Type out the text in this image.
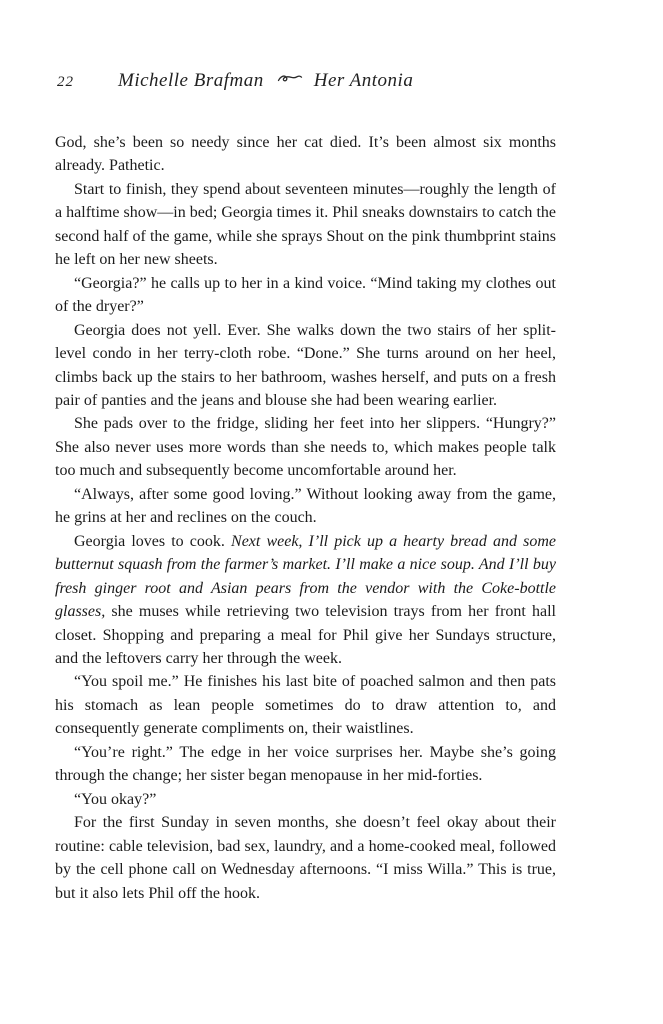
22 Michelle Brafman	Her Antonia

God, she’s been so needy since her cat died. It’s been almost six months already. Pathetic.

Start to finish, they spend about seventeen minutes—roughly the length of a halftime show—in bed; Georgia times it. Phil sneaks downstairs to catch the second half of the game, while she sprays Shout on the pink thumbprint stains he left on her new sheets.

“Georgia?” he calls up to her in a kind voice. “Mind taking my clothes out of the dryer?”

Georgia does not yell. Ever. She walks down the two stairs of her split-level condo in her terry-cloth robe. “Done.” She turns around on her heel, climbs back up the stairs to her bathroom, washes herself, and puts on a fresh pair of panties and the jeans and blouse she had been wearing earlier.

She pads over to the fridge, sliding her feet into her slippers. “Hungry?” She also never uses more words than she needs to, which makes people talk too much and subsequently become uncomfortable around her.

“Always, after some good loving.” Without looking away from the game, he grins at her and reclines on the couch.

Georgia loves to cook. Next week, I’ll pick up a hearty bread and some butternut squash from the farmer’s market. I’ll make a nice soup. And I’ll buy fresh ginger root and Asian pears from the vendor with the Coke-bottle glasses, she muses while retrieving two television trays from her front hall closet. Shopping and preparing a meal for Phil give her Sundays structure, and the leftovers carry her through the week.

“You spoil me.” He finishes his last bite of poached salmon and then pats his stomach as lean people sometimes do to draw attention to, and consequently generate compliments on, their waistlines.

“You’re right.” The edge in her voice surprises her. Maybe she’s going through the change; her sister began menopause in her mid-forties.

“You okay?”

For the first Sunday in seven months, she doesn’t feel okay about their routine: cable television, bad sex, laundry, and a home-cooked meal, followed by the cell phone call on Wednesday afternoons. “I miss Willa.” This is true, but it also lets Phil off the hook.
